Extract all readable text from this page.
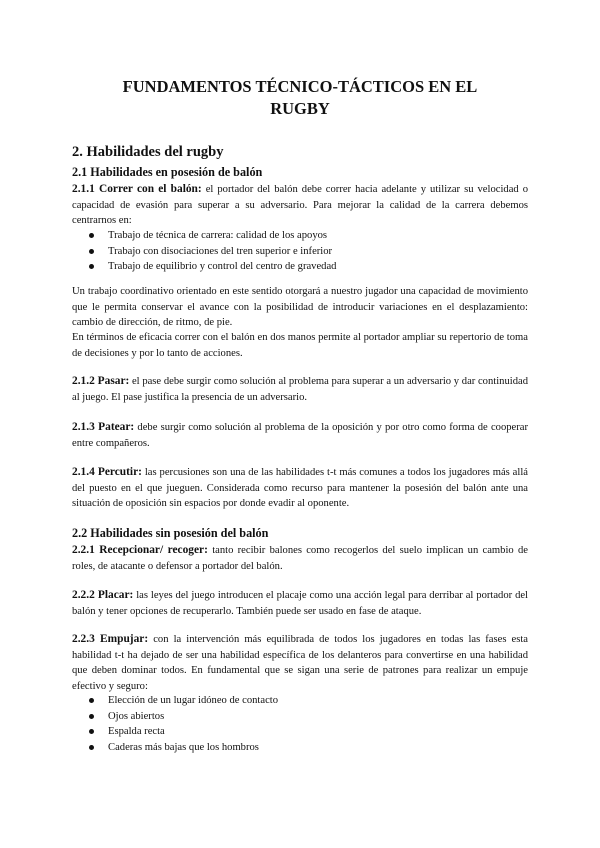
FUNDAMENTOS TÉCNICO-TÁCTICOS EN EL
RUGBY
2. Habilidades del rugby
2.1 Habilidades en posesión de balón

2.1.1 Correr con el balón: el portador del balón debe correr hacia adelante y utilizar su velocidad o capacidad de evasión para superar a su adversario. Para mejorar la calidad de la carrera debemos centrarnos en:

Trabajo de técnica de carrera: calidad de los apoyos
Trabajo con disociaciones del tren superior e inferior
Trabajo de equilibrio y control del centro de gravedad

Un trabajo coordinativo orientado en este sentido otorgará a nuestro jugador una capacidad de movimiento que le permita conservar el avance con la posibilidad de introducir variaciones en el desplazamiento: cambio de dirección, de ritmo, de pie.

En términos de eficacia correr con el balón en dos manos permite al portador ampliar su repertorio de toma de decisiones y por lo tanto de acciones.

2.1.2 Pasar: el pase debe surgir como solución al problema para superar a un adversario y dar continuidad al juego. El pase justifica la presencia de un adversario.

2.1.3 Patear: debe surgir como solución al problema de la oposición y por otro como forma de cooperar entre compañeros.

2.1.4 Percutir: las percusiones son una de las habilidades t-t más comunes a todos los jugadores más allá del puesto en el que jueguen. Considerada como recurso para mantener la posesión del balón ante una situación de oposición sin espacios por donde evadir al oponente.

2.2 Habilidades sin posesión del balón

2.2.1 Recepcionar/ recoger: tanto recibir balones como recogerlos del suelo implican un cambio de roles, de atacante o defensor a portador del balón.

2.2.2 Placar: las leyes del juego introducen el placaje como una acción legal para derribar al portador del balón y tener opciones de recuperarlo. También puede ser usado en fase de ataque.

2.2.3 Empujar: con la intervención más equilibrada de todos los jugadores en todas las fases esta habilidad t-t ha dejado de ser una habilidad específica de los delanteros para convertirse en una habilidad que deben dominar todos. En fundamental que se sigan una serie de patrones para realizar un empuje efectivo y seguro:

Elección de un lugar idóneo de contacto
Ojos abiertos
Espalda recta
Caderas más bajas que los hombros
